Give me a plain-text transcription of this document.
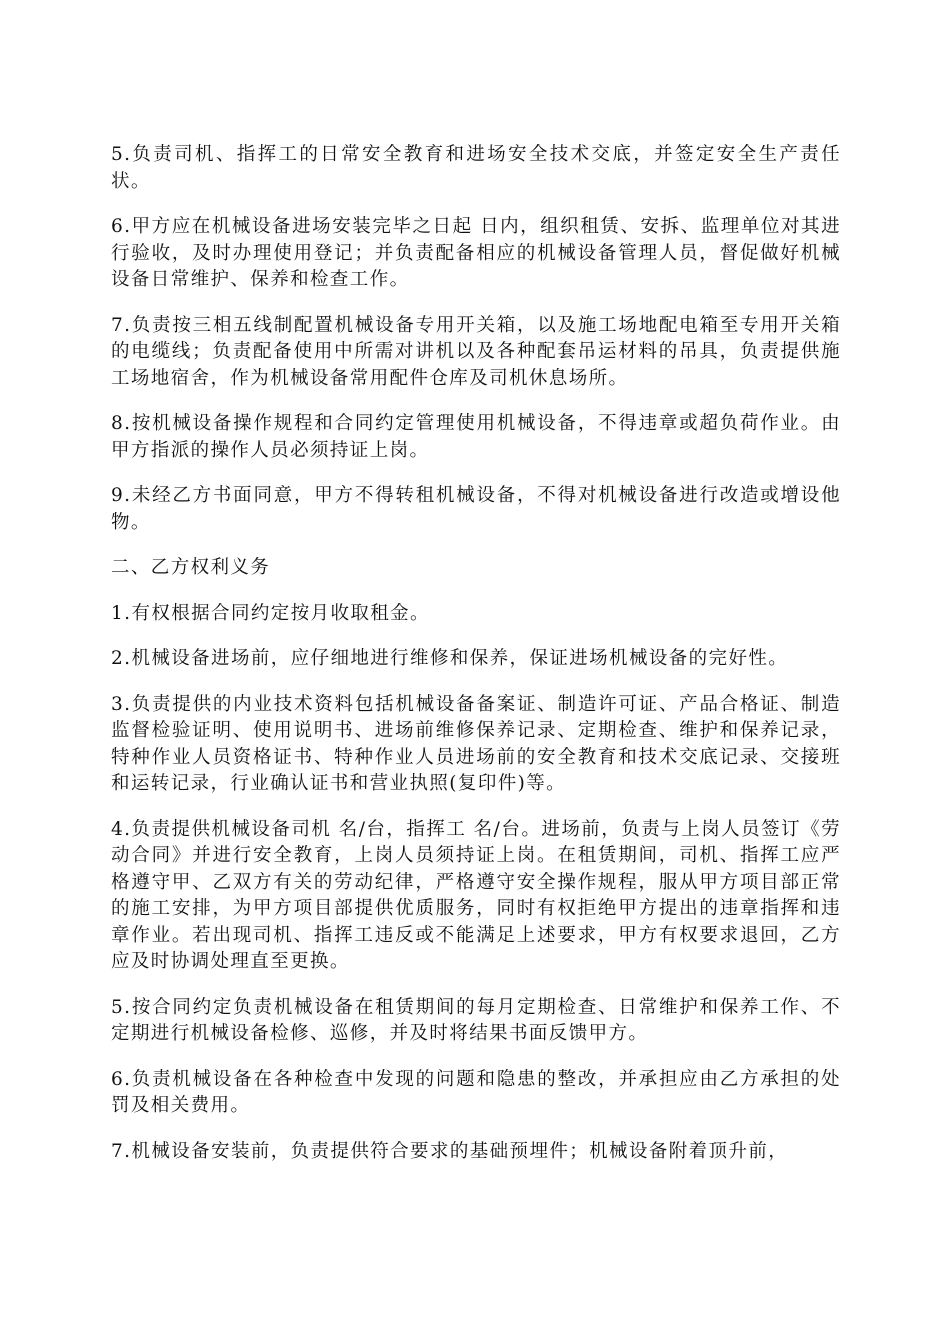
5.负责司机、指挥工的日常安全教育和进场安全技术交底，并签定安全生产责任状。

6.甲方应在机械设备进场安装完毕之日起 日内，组织租赁、安拆、监理单位对其进行验收，及时办理使用登记；并负责配备相应的机械设备管理人员，督促做好机械设备日常维护、保养和检查工作。

7.负责按三相五线制配置机械设备专用开关箱，以及施工场地配电箱至专用开关箱的电缆线；负责配备使用中所需对讲机以及各种配套吊运材料的吊具，负责提供施工场地宿舍，作为机械设备常用配件仓库及司机休息场所。

8.按机械设备操作规程和合同约定管理使用机械设备，不得违章或超负荷作业。由甲方指派的操作人员必须持证上岗。

9.未经乙方书面同意，甲方不得转租机械设备，不得对机械设备进行改造或增设他物。

二、乙方权利义务

1.有权根据合同约定按月收取租金。

2.机械设备进场前，应仔细地进行维修和保养，保证进场机械设备的完好性。

3.负责提供的内业技术资料包括机械设备备案证、制造许可证、产品合格证、制造监督检验证明、使用说明书、进场前维修保养记录、定期检查、维护和保养记录，特种作业人员资格证书、特种作业人员进场前的安全教育和技术交底记录、交接班和运转记录，行业确认证书和营业执照(复印件)等。

4.负责提供机械设备司机 名/台，指挥工 名/台。进场前，负责与上岗人员签订《劳动合同》并进行安全教育，上岗人员须持证上岗。在租赁期间，司机、指挥工应严格遵守甲、乙双方有关的劳动纪律，严格遵守安全操作规程，服从甲方项目部正常的施工安排，为甲方项目部提供优质服务，同时有权拒绝甲方提出的违章指挥和违章作业。若出现司机、指挥工违反或不能满足上述要求，甲方有权要求退回，乙方应及时协调处理直至更换。

5.按合同约定负责机械设备在租赁期间的每月定期检查、日常维护和保养工作、不定期进行机械设备检修、巡修，并及时将结果书面反馈甲方。

6.负责机械设备在各种检查中发现的问题和隐患的整改，并承担应由乙方承担的处罚及相关费用。

7.机械设备安装前，负责提供符合要求的基础预埋件；机械设备附着顶升前，
